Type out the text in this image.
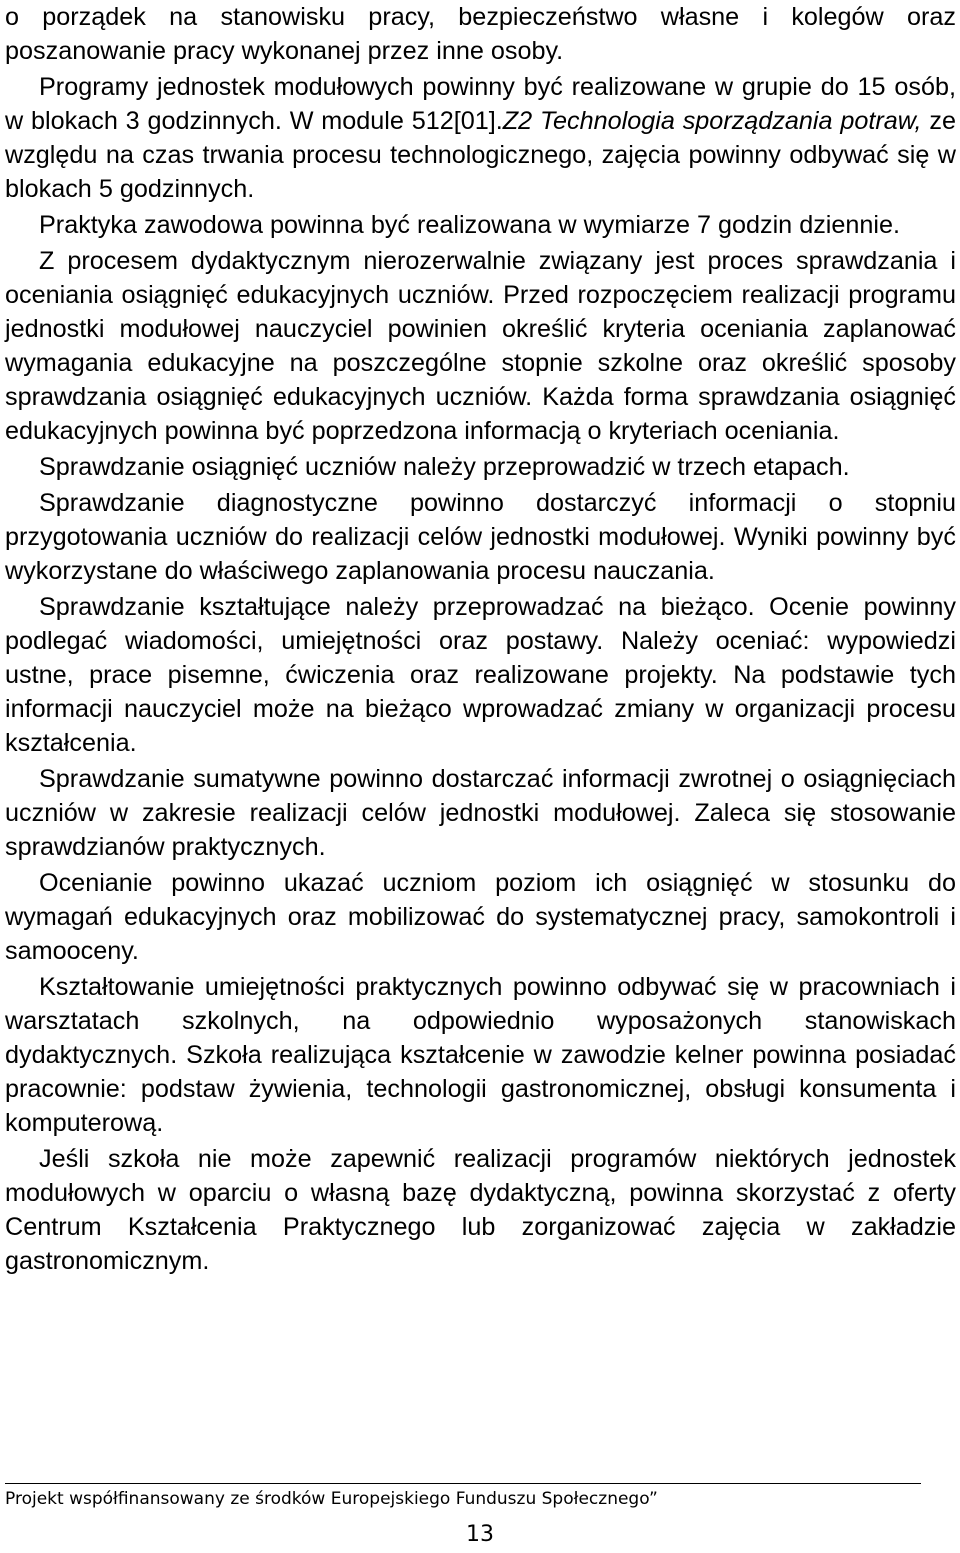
o porządek na stanowisku pracy, bezpieczeństwo własne i kolegów oraz poszanowanie pracy wykonanej przez inne osoby.

Programy jednostek modułowych powinny być realizowane w grupie do 15 osób, w blokach 3 godzinnych. W module 512[01].Z2 Technologia sporządzania potraw, ze względu na czas trwania procesu technologicznego, zajęcia powinny odbywać się w blokach 5 godzinnych.

Praktyka zawodowa powinna być realizowana w wymiarze 7 godzin dziennie.

Z procesem dydaktycznym nierozerwalnie związany jest proces sprawdzania i oceniania osiągnięć edukacyjnych uczniów. Przed rozpoczęciem realizacji programu jednostki modułowej nauczyciel powinien określić kryteria oceniania zaplanować wymagania edukacyjne na poszczególne stopnie szkolne oraz określić sposoby sprawdzania osiągnięć edukacyjnych uczniów. Każda forma sprawdzania osiągnięć edukacyjnych powinna być poprzedzona informacją o kryteriach oceniania.

Sprawdzanie osiągnięć uczniów należy przeprowadzić w trzech etapach.

Sprawdzanie diagnostyczne powinno dostarczyć informacji o stopniu przygotowania uczniów do realizacji celów jednostki modułowej. Wyniki powinny być wykorzystane do właściwego zaplanowania procesu nauczania.

Sprawdzanie kształtujące należy przeprowadzać na bieżąco. Ocenie powinny podlegać wiadomości, umiejętności oraz postawy. Należy oceniać: wypowiedzi ustne, prace pisemne, ćwiczenia oraz realizowane projekty. Na podstawie tych informacji nauczyciel może na bieżąco wprowadzać zmiany w organizacji procesu kształcenia.

Sprawdzanie sumatywne powinno dostarczać informacji zwrotnej o osiągnięciach uczniów w zakresie realizacji celów jednostki modułowej. Zaleca się stosowanie sprawdzianów praktycznych.

Ocenianie powinno ukazać uczniom poziom ich osiągnięć w stosunku do wymagań edukacyjnych oraz mobilizować do systematycznej pracy, samokontroli i samooceny.

Kształtowanie umiejętności praktycznych powinno odbywać się w pracowniach i warsztatach szkolnych, na odpowiednio wyposażonych stanowiskach dydaktycznych. Szkoła realizująca kształcenie w zawodzie kelner powinna posiadać pracownie: podstaw żywienia, technologii gastronomicznej, obsługi konsumenta i komputerową.

Jeśli szkoła nie może zapewnić realizacji programów niektórych jednostek modułowych w oparciu o własną bazę dydaktyczną, powinna skorzystać z oferty Centrum Kształcenia Praktycznego lub zorganizować zajęcia w zakładzie gastronomicznym.

Projekt współfinansowany ze środków Europejskiego Funduszu Społecznego”
13
